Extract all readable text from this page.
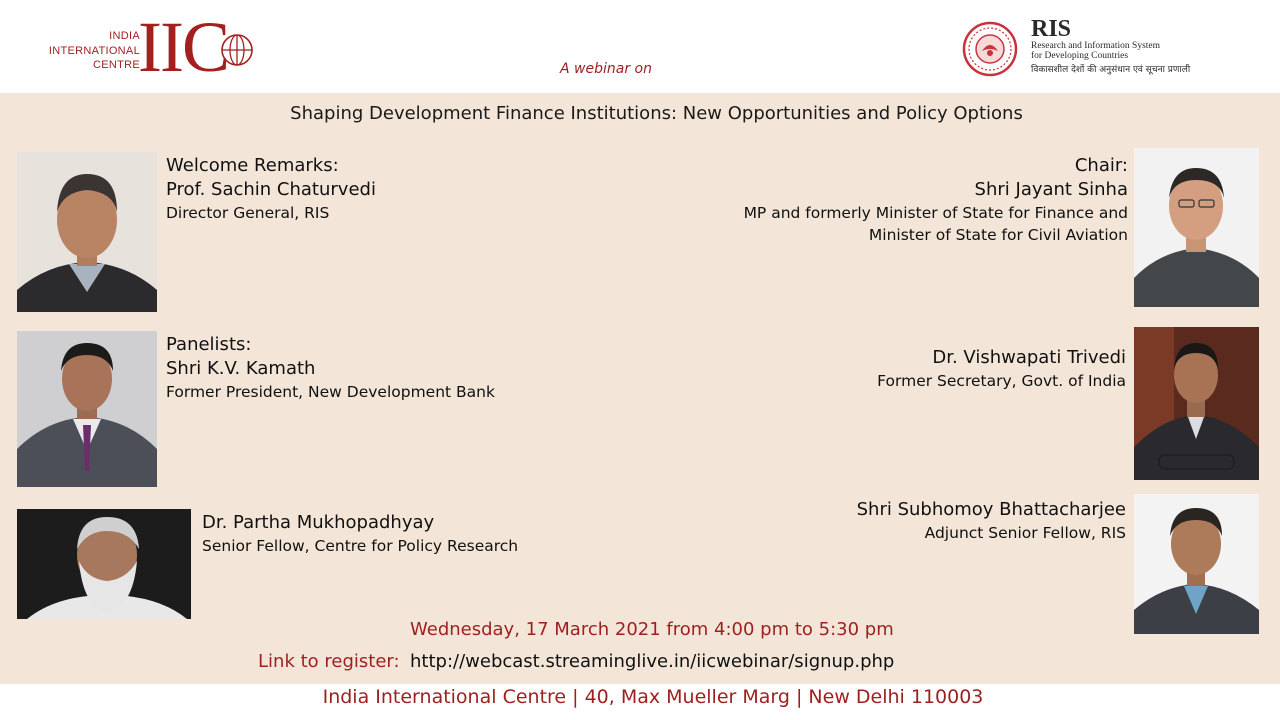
INDIA
INTERNATIONAL
CENTRE
IIC	A webinar on
RIS
Research and Information System
for Developing Countries
विकासशील देशों की अनुसंधान एवं सूचना प्रणाली
Shaping Development Finance Institutions: New Opportunities and Policy Options
Welcome Remarks:
Prof. Sachin Chaturvedi
Director General, RIS
Chair:
Shri Jayant Sinha
MP and formerly Minister of State for Finance and
Minister of State for Civil Aviation
Panelists:
Shri K.V. Kamath
Former President, New Development Bank
Dr. Vishwapati Trivedi
Former Secretary, Govt. of India
Dr. Partha Mukhopadhyay
Senior Fellow, Centre for Policy Research
Shri Subhomoy Bhattacharjee
Adjunct Senior Fellow, RIS
Wednesday, 17 March 2021 from 4:00 pm to 5:30 pm
Link to register: http://webcast.streaminglive.in/iicwebinar/signup.php
India International Centre | 40, Max Mueller Marg | New Delhi 110003
